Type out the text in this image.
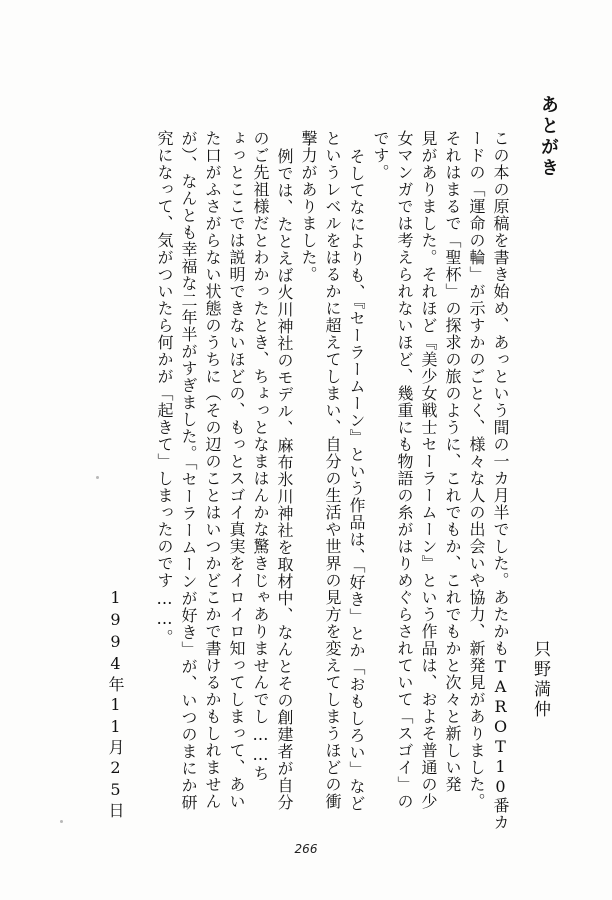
あとがき

この本の原稿を書き始め、あっという間の一カ月半でした。あたかもTAROT10番カ

ードの「運命の輪」が示すかのごとく、様々な人の出会いや協力、新発見がありました。

それはまるで「聖杯」の探求の旅のように、これでもか、これでもかと次々と新しい発

見がありました。それほど『美少女戦士セーラームーン』という作品は、およそ普通の少

女マンガでは考えられないほど、幾重にも物語の糸がはりめぐらされていて「スゴイ」の

です。

そしてなによりも、『セーラームーン』という作品は、「好き」とか「おもしろい」など

というレベルをはるかに超えてしまい、自分の生活や世界の見方を変えてしまうほどの衝

撃力がありました。

例では、たとえば火川神社のモデル、麻布氷川神社を取材中、なんとその創建者が自分

のご先祖様だとわかったとき、ちょっとなまはんかな驚きじゃありませんでし……ち

ょっとここでは説明できないほどの、もっとスゴイ真実をイロイロ知ってしまって、あい

た口がふさがらない状態のうちに（その辺のことはいつかどこかで書けるかもしれません

が）、なんとも幸福な二年半がすぎました。「セーラームーンが好き」が、いつのまにか研

究になって、気がついたら何かが「起きて」しまったのです……。

只野満仲

1994年11月25日

266
